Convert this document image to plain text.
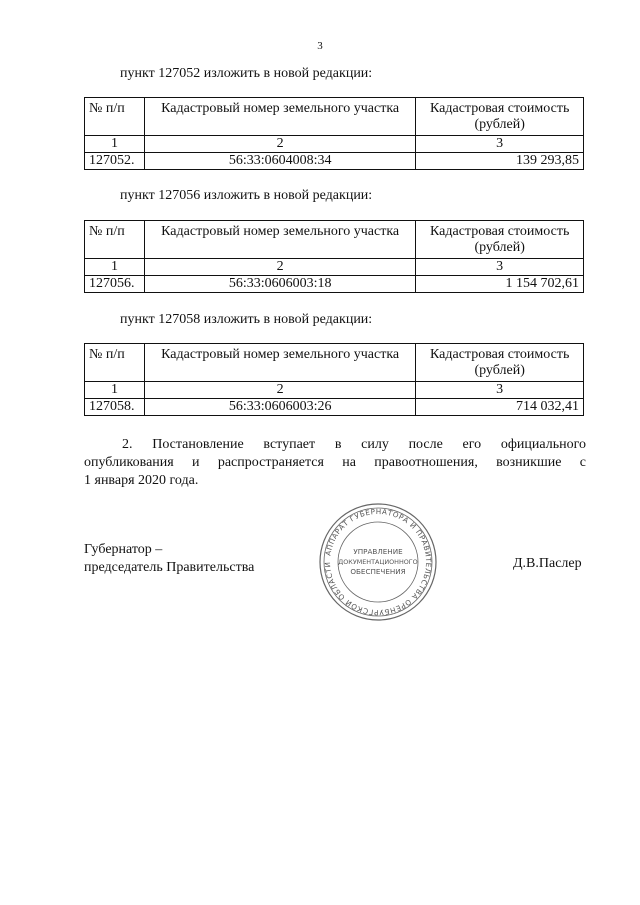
3
пункт 127052 изложить в новой редакции:
№ п/п	Кадастровый номер земельного участка	Кадастровая стоимость (рублей)
1	2	3
127052.	56:33:0604008:34	139 293,85
пункт 127056 изложить в новой редакции:
№ п/п	Кадастровый номер земельного участка	Кадастровая стоимость (рублей)
1	2	3
127056.	56:33:0606003:18	1 154 702,61
пункт 127058 изложить в новой редакции:
№ п/п	Кадастровый номер земельного участка	Кадастровая стоимость (рублей)
1	2	3
127058.	56:33:0606003:26	714 032,41
2. Постановление вступает в силу после его официального
опубликования и распространяется на правоотношения, возникшие с
1 января 2020 года.
Губернатор –
председатель Правительства
АППАРАТ ГУБЕРНАТОРА И ПРАВИТЕЛЬСТВА ОРЕНБУРГСКОЙ ОБЛАСТИ
УПРАВЛЕНИЕ
ДОКУМЕНТАЦИОННОГО
ОБЕСПЕЧЕНИЯ
Д.В.Паслер
